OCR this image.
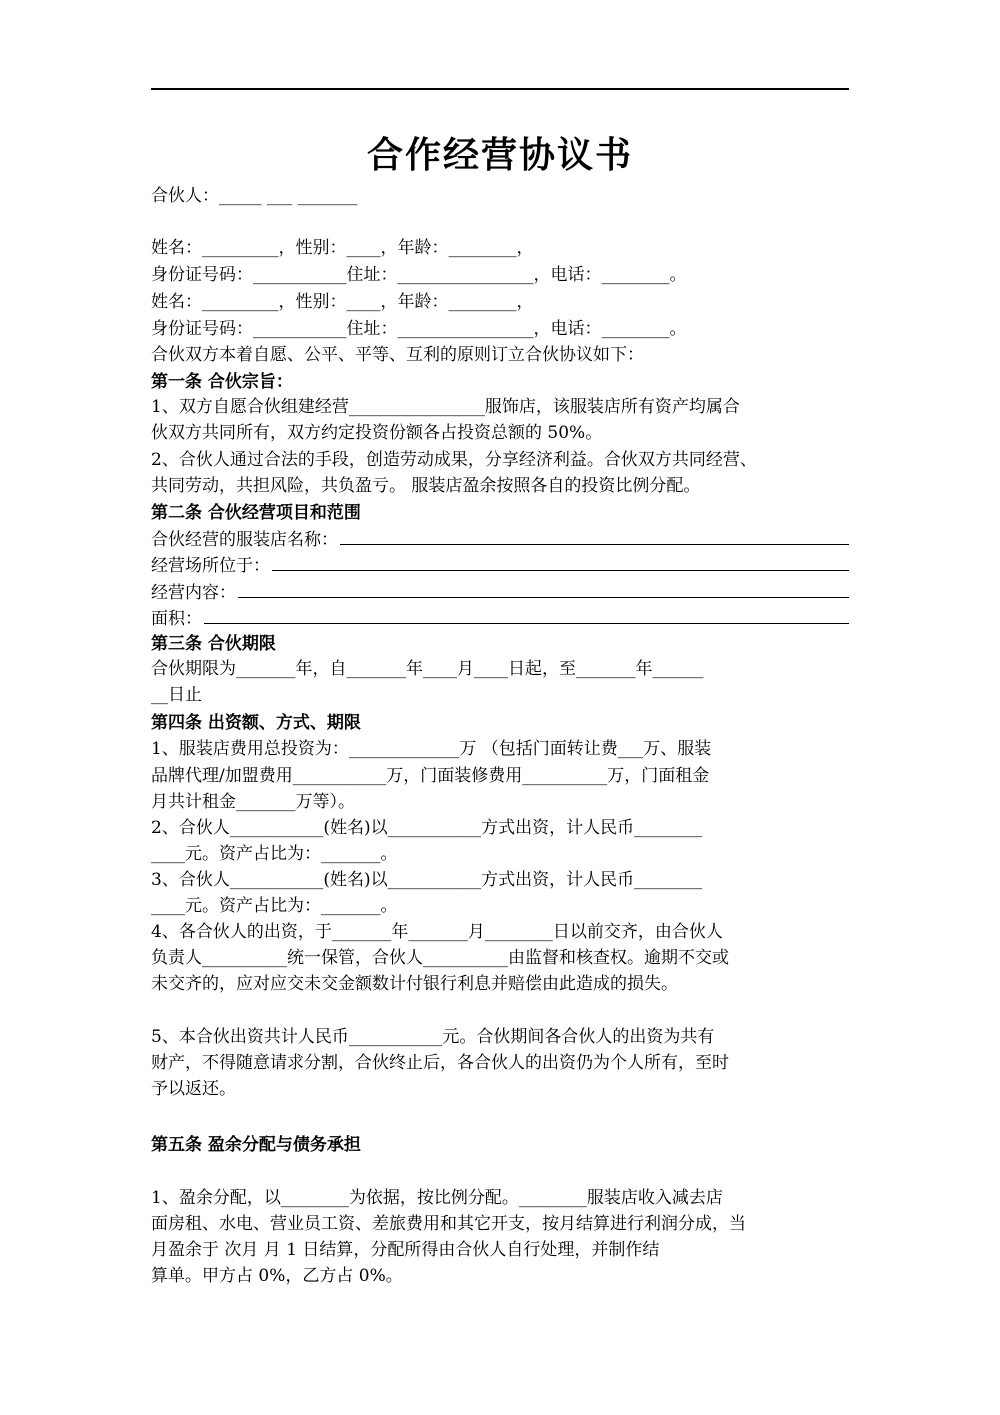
合作经营协议书
合伙人：_____ ___ _______
姓名：_________，性别：____，年龄：________，
身份证号码：___________住址：________________，电话：________。
姓名：_________，性别：____，年龄：________，
身份证号码：___________住址：________________，电话：________。
合伙双方本着自愿、公平、平等、互利的原则订立合伙协议如下：
第一条 合伙宗旨：
1、双方自愿合伙组建经营________________服饰店，该服装店所有资产均属合
伙双方共同所有，双方约定投资份额各占投资总额的 50%。
2、合伙人通过合法的手段，创造劳动成果，分享经济利益。合伙双方共同经营、
共同劳动，共担风险，共负盈亏。 服装店盈余按照各自的投资比例分配。
第二条 合伙经营项目和范围
合伙经营的服装店名称：
经营场所位于：
经营内容：
面积：
第三条 合伙期限
合伙期限为_______年，自_______年____月____日起，至_______年______
__日止
第四条 出资额、方式、期限
1、服装店费用总投资为：_____________万 （包括门面转让费___万、服装
品牌代理/加盟费用___________万，门面装修费用__________万，门面租金
月共计租金_______万等）。
2、合伙人___________(姓名)以___________方式出资，计人民币________
____元。资产占比为：_______。
3、合伙人___________(姓名)以___________方式出资，计人民币________
____元。资产占比为：_______。
4、各合伙人的出资，于_______年_______月________日以前交齐，由合伙人
负责人__________统一保管，合伙人__________由监督和核查权。逾期不交或
未交齐的，应对应交未交金额数计付银行利息并赔偿由此造成的损失。
5、本合伙出资共计人民币___________元。合伙期间各合伙人的出资为共有
财产，不得随意请求分割，合伙终止后，各合伙人的出资仍为个人所有，至时
予以返还。
第五条 盈余分配与债务承担
1、盈余分配，以________为依据，按比例分配。________服装店收入减去店
面房租、水电、营业员工资、差旅费用和其它开支，按月结算进行利润分成，当
月盈余于 次月 月 1 日结算，分配所得由合伙人自行处理，并制作结
算单。甲方占 0%，乙方占 0%。
